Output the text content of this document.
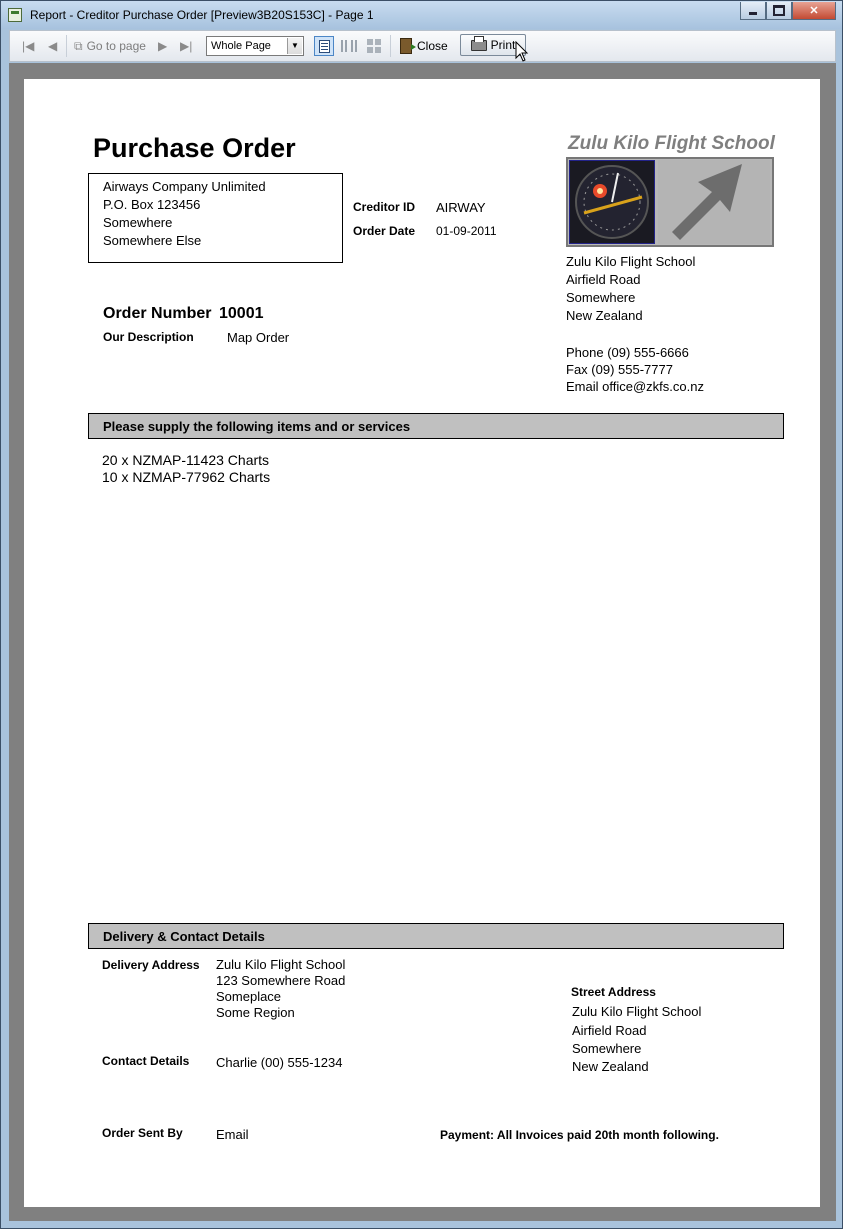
Report - Creditor Purchase Order [Preview3B20S153C] - Page 1	✕
|◀ ◀ ⧉ Go to page ▶ ▶| Whole Page	▼	Close	Print
Purchase Order
Airways Company Unlimited
P.O. Box 123456
Somewhere
Somewhere Else
Creditor ID AIRWAY
Order Date 01-09-2011
Zulu Kilo Flight School
Zulu Kilo Flight School
Airfield Road
Somewhere
New Zealand
Phone (09) 555-6666
Fax (09) 555-7777
Email office@zkfs.co.nz
Order Number 10001
Our Description	Map Order
Please supply the following items and or services
20 x NZMAP-11423 Charts
10 x NZMAP-77962 Charts
Delivery & Contact Details
Delivery Address Zulu Kilo Flight School
123 Somewhere Road
Someplace
Some Region
Street Address
Zulu Kilo Flight School
Airfield Road
Somewhere
New Zealand
Contact Details Charlie (00) 555-1234
Order Sent By	Email	Payment: All Invoices paid 20th month following.
